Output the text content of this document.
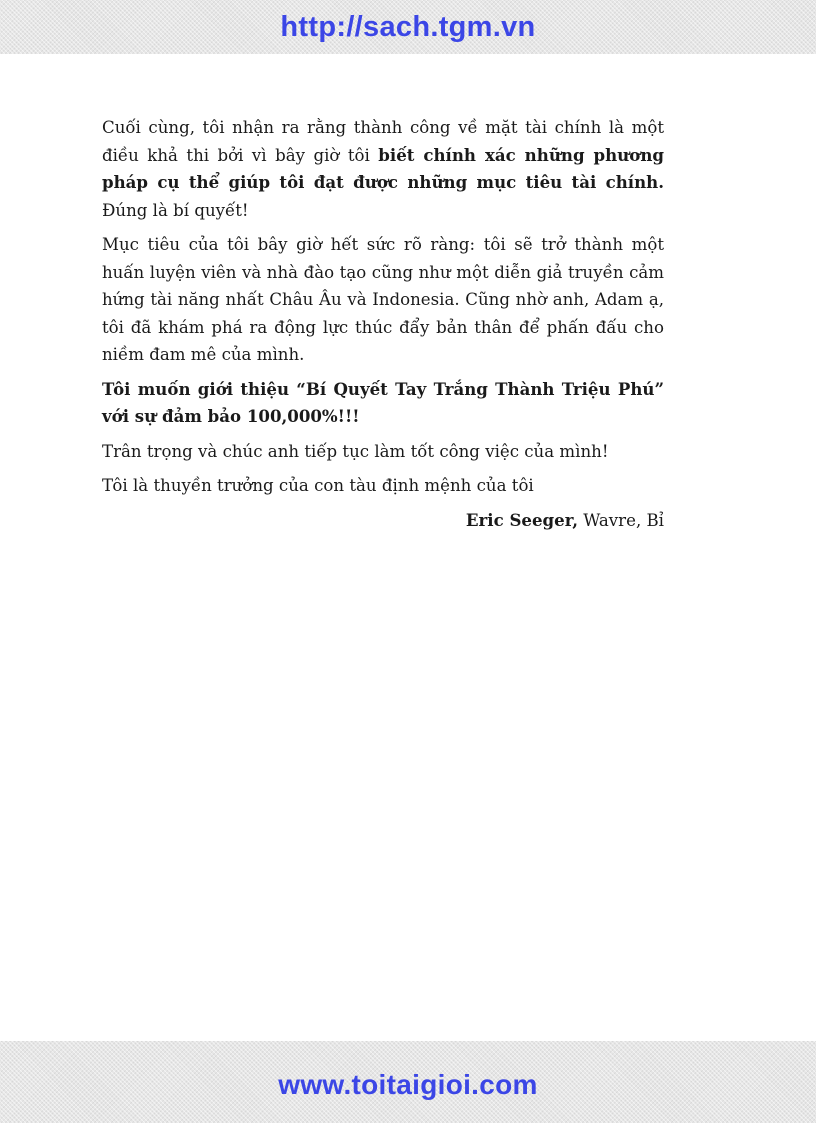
http://sach.tgm.vn

Cuối cùng, tôi nhận ra rằng thành công về mặt tài chính là một điều khả thi bởi vì bây giờ tôi biết chính xác những phương pháp cụ thể giúp tôi đạt được những mục tiêu tài chính. Đúng là bí quyết!

Mục tiêu của tôi bây giờ hết sức rõ ràng: tôi sẽ trở thành một huấn luyện viên và nhà đào tạo cũng như một diễn giả truyền cảm hứng tài năng nhất Châu Âu và Indonesia. Cũng nhờ anh, Adam ạ, tôi đã khám phá ra động lực thúc đẩy bản thân để phấn đấu cho niềm đam mê của mình.

Tôi muốn giới thiệu “Bí Quyết Tay Trắng Thành Triệu Phú” với sự đảm bảo 100,000%!!!

Trân trọng và chúc anh tiếp tục làm tốt công việc của mình!

Tôi là thuyền trưởng của con tàu định mệnh của tôi

Eric Seeger, Wavre, Bỉ

www.toitaigioi.com
